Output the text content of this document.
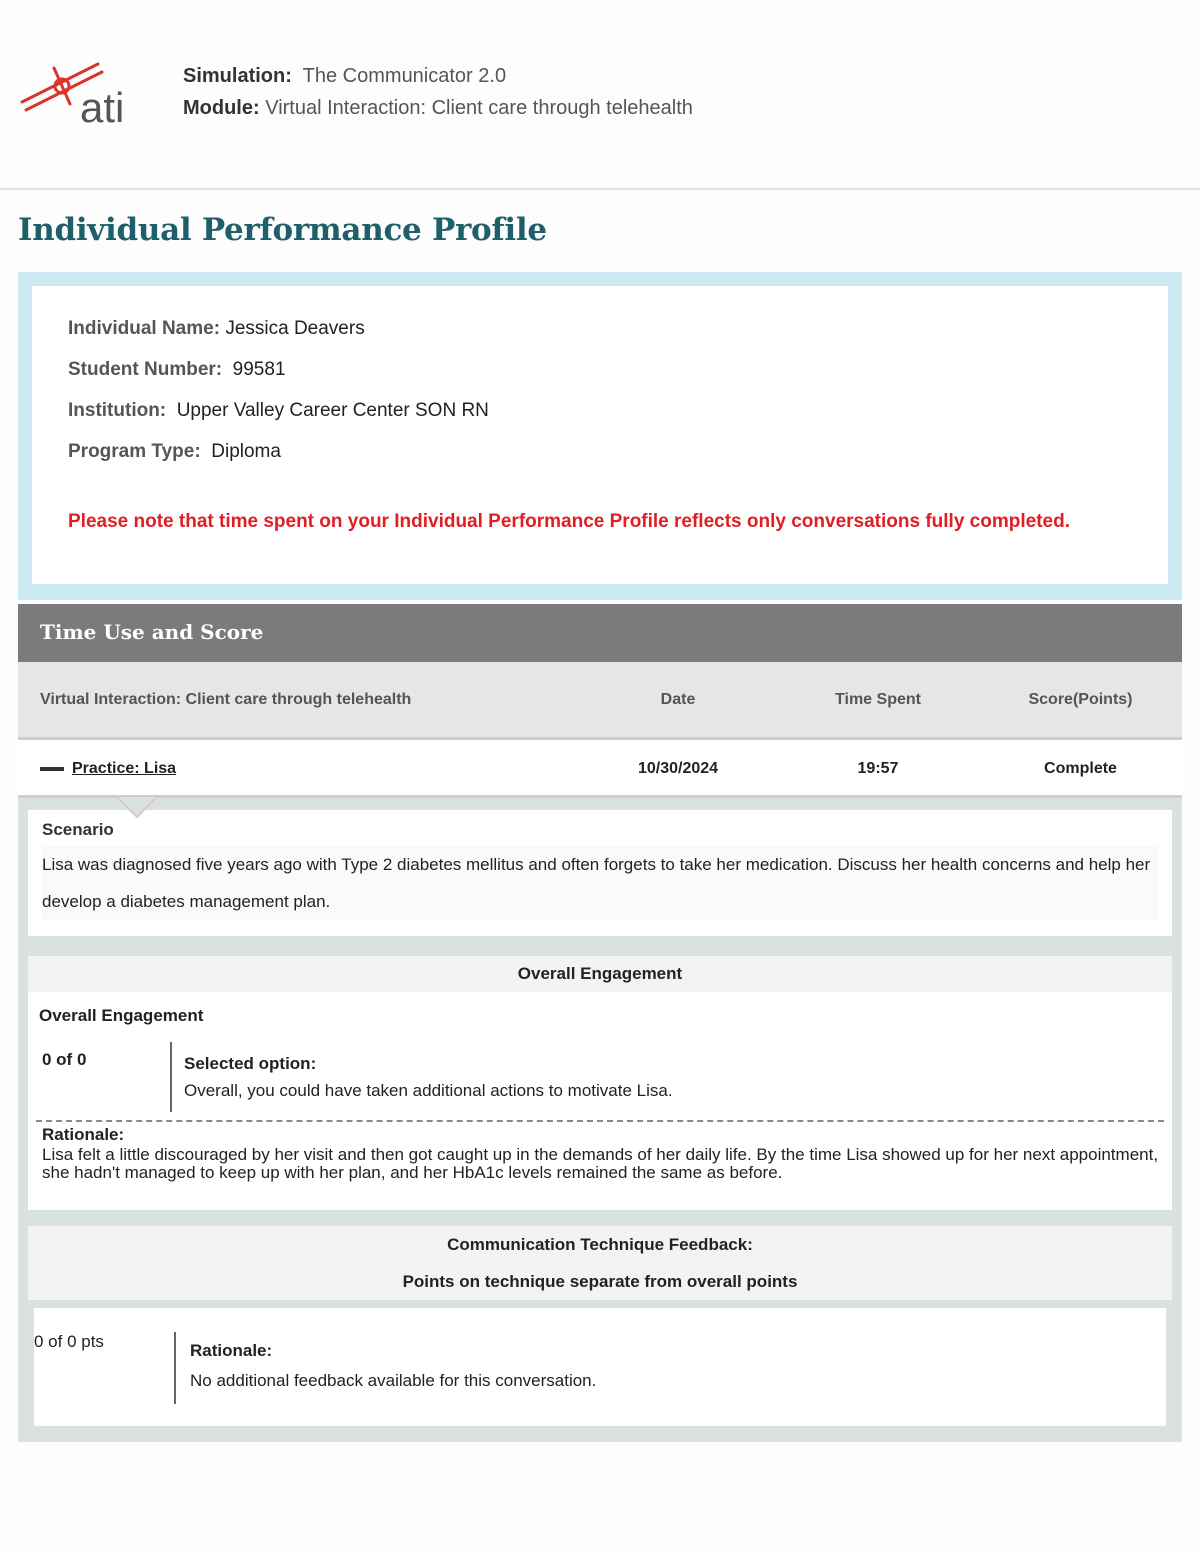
ati
Simulation: The Communicator 2.0
Module: Virtual Interaction: Client care through telehealth
Individual Performance Profile
Individual Name: Jessica Deavers
Student Number: 99581
Institution: Upper Valley Career Center SON RN
Program Type: Diploma
Please note that time spent on your Individual Performance Profile reflects only conversations fully completed.
Time Use and Score
Virtual Interaction: Client care through telehealth	Date	Time Spent	Score(Points)
Practice: Lisa	10/30/2024	19:57	Complete
Scenario

Lisa was diagnosed five years ago with Type 2 diabetes mellitus and often forgets to take her medication. Discuss her health concerns and help her develop a diabetes management plan.

Overall Engagement
Overall Engagement
0 of 0	Selected option:
Overall, you could have taken additional actions to motivate Lisa.
Rationale:
Lisa felt a little discouraged by her visit and then got caught up in the demands of her daily life. By the time Lisa showed up for her next appointment, she hadn't managed to keep up with her plan, and her HbA1c levels remained the same as before.
Communication Technique Feedback:
Points on technique separate from overall points
0 of 0 pts	Rationale:
No additional feedback available for this conversation.
